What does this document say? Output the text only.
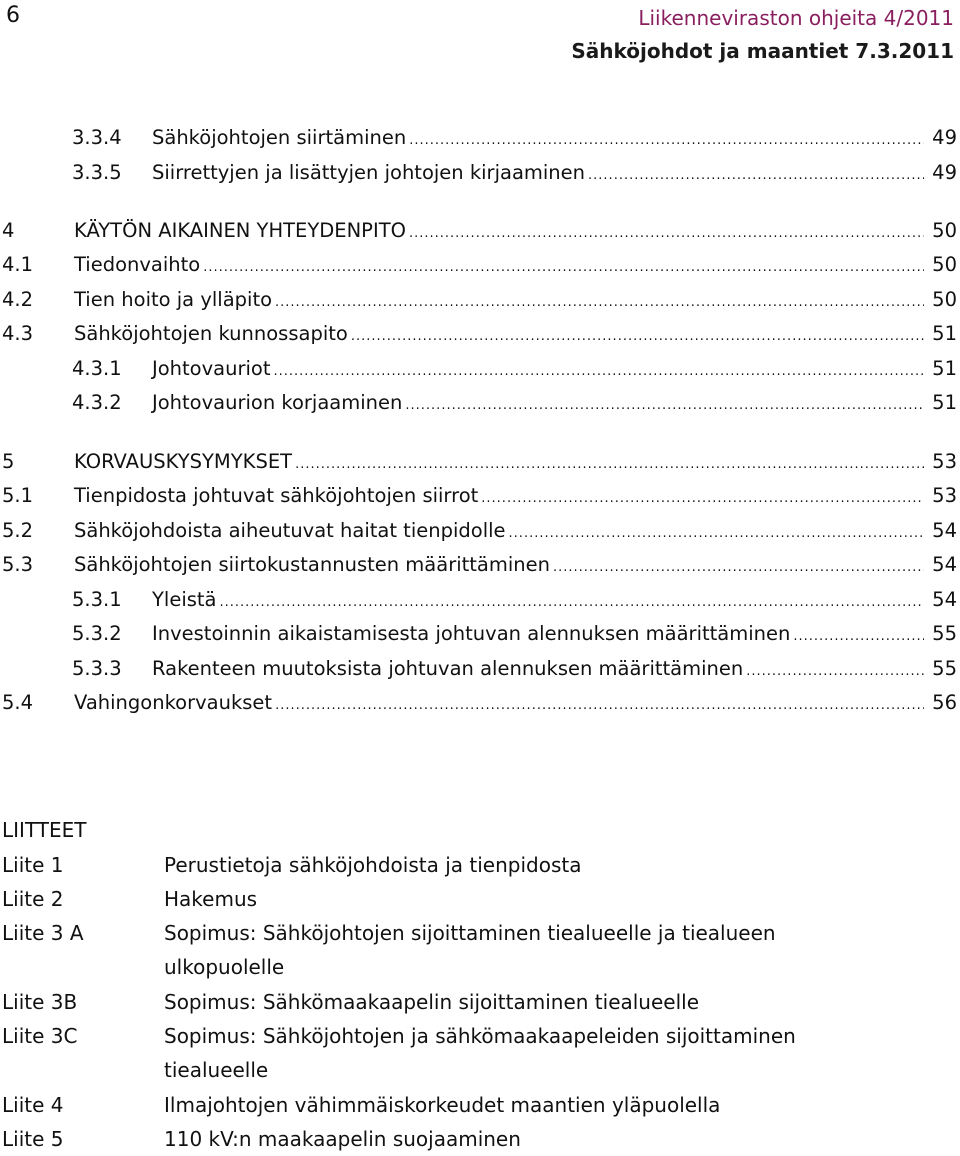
6	Liikenneviraston ohjeita 4/2011
Sähköjohdot ja maantiet 7.3.2011
3.3.4	Sähköjohtojen siirtäminen .....	49
3.3.5	Siirrettyjen ja lisättyjen johtojen kirjaaminen .....	49
4	KÄYTÖN AIKAINEN YHTEYDENPITO .....	50
4.1	Tiedonvaihto .....	50
4.2	Tien hoito ja ylläpito .....	50
4.3	Sähköjohtojen kunnossapito .....	51
4.3.1	Johtovauriot .....	51
4.3.2	Johtovaurion korjaaminen .....	51
5	KORVAUSKYSYMYKSET .....	53
5.1	Tienpidosta johtuvat sähköjohtojen siirrot .....	53
5.2	Sähköjohdoista aiheutuvat haitat tienpidolle .....	54
5.3	Sähköjohtojen siirtokustannusten määrittäminen .....	54
5.3.1	Yleistä .....	54
5.3.2	Investoinnin aikaistamisesta johtuvan alennuksen määrittäminen .....	55
5.3.3	Rakenteen muutoksista johtuvan alennuksen määrittäminen .....	55
5.4	Vahingonkorvaukset .....	56
LIITTEET
Liite 1	Perustietoja sähköjohdoista ja tienpidosta
Liite 2	Hakemus
Liite 3 A	Sopimus: Sähköjohtojen sijoittaminen tiealueelle ja tiealueen ulkopuolelle
Liite 3B	Sopimus: Sähkömaakaapelin sijoittaminen tiealueelle
Liite 3C	Sopimus: Sähköjohtojen ja sähkömaakaapeleiden sijoittaminen tiealueelle
Liite 4	Ilmajohtojen vähimmäiskorkeudet maantien yläpuolella
Liite 5	110 kV:n maakaapelin suojaaminen
